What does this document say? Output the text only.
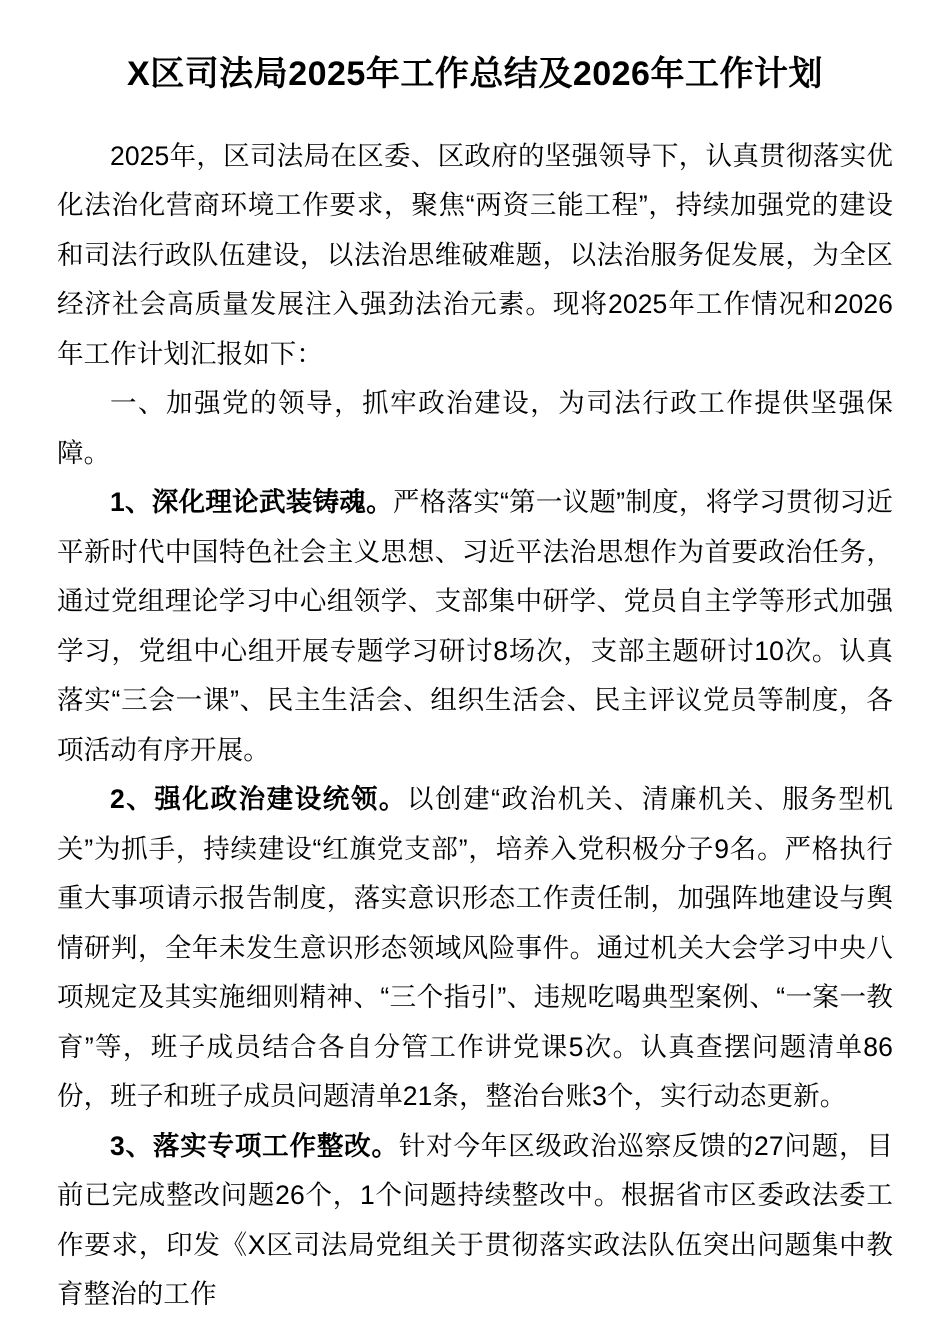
X区司法局2025年工作总结及2026年工作计划

2025年，区司法局在区委、区政府的坚强领导下，认真贯彻落实优化法治化营商环境工作要求，聚焦“两资三能工程”，持续加强党的建设和司法行政队伍建设，以法治思维破难题，以法治服务促发展，为全区经济社会高质量发展注入强劲法治元素。现将2025年工作情况和2026年工作计划汇报如下：

一、加强党的领导，抓牢政治建设，为司法行政工作提供坚强保障。

1、深化理论武装铸魂。严格落实“第一议题”制度，将学习贯彻习近平新时代中国特色社会主义思想、习近平法治思想作为首要政治任务，通过党组理论学习中心组领学、支部集中研学、党员自主学等形式加强学习，党组中心组开展专题学习研讨8场次，支部主题研讨10次。认真落实“三会一课”、民主生活会、组织生活会、民主评议党员等制度，各项活动有序开展。

2、强化政治建设统领。以创建“政治机关、清廉机关、服务型机关”为抓手，持续建设“红旗党支部”，培养入党积极分子9名。严格执行重大事项请示报告制度，落实意识形态工作责任制，加强阵地建设与舆情研判，全年未发生意识形态领域风险事件。通过机关大会学习中央八项规定及其实施细则精神、“三个指引”、违规吃喝典型案例、“一案一教育”等，班子成员结合各自分管工作讲党课5次。认真查摆问题清单86份，班子和班子成员问题清单21条，整治台账3个，实行动态更新。

3、落实专项工作整改。针对今年区级政治巡察反馈的27问题，目前已完成整改问题26个，1个问题持续整改中。根据省市区委政法委工作要求，印发《X区司法局党组关于贯彻落实政法队伍突出问题集中教育整治的工作
